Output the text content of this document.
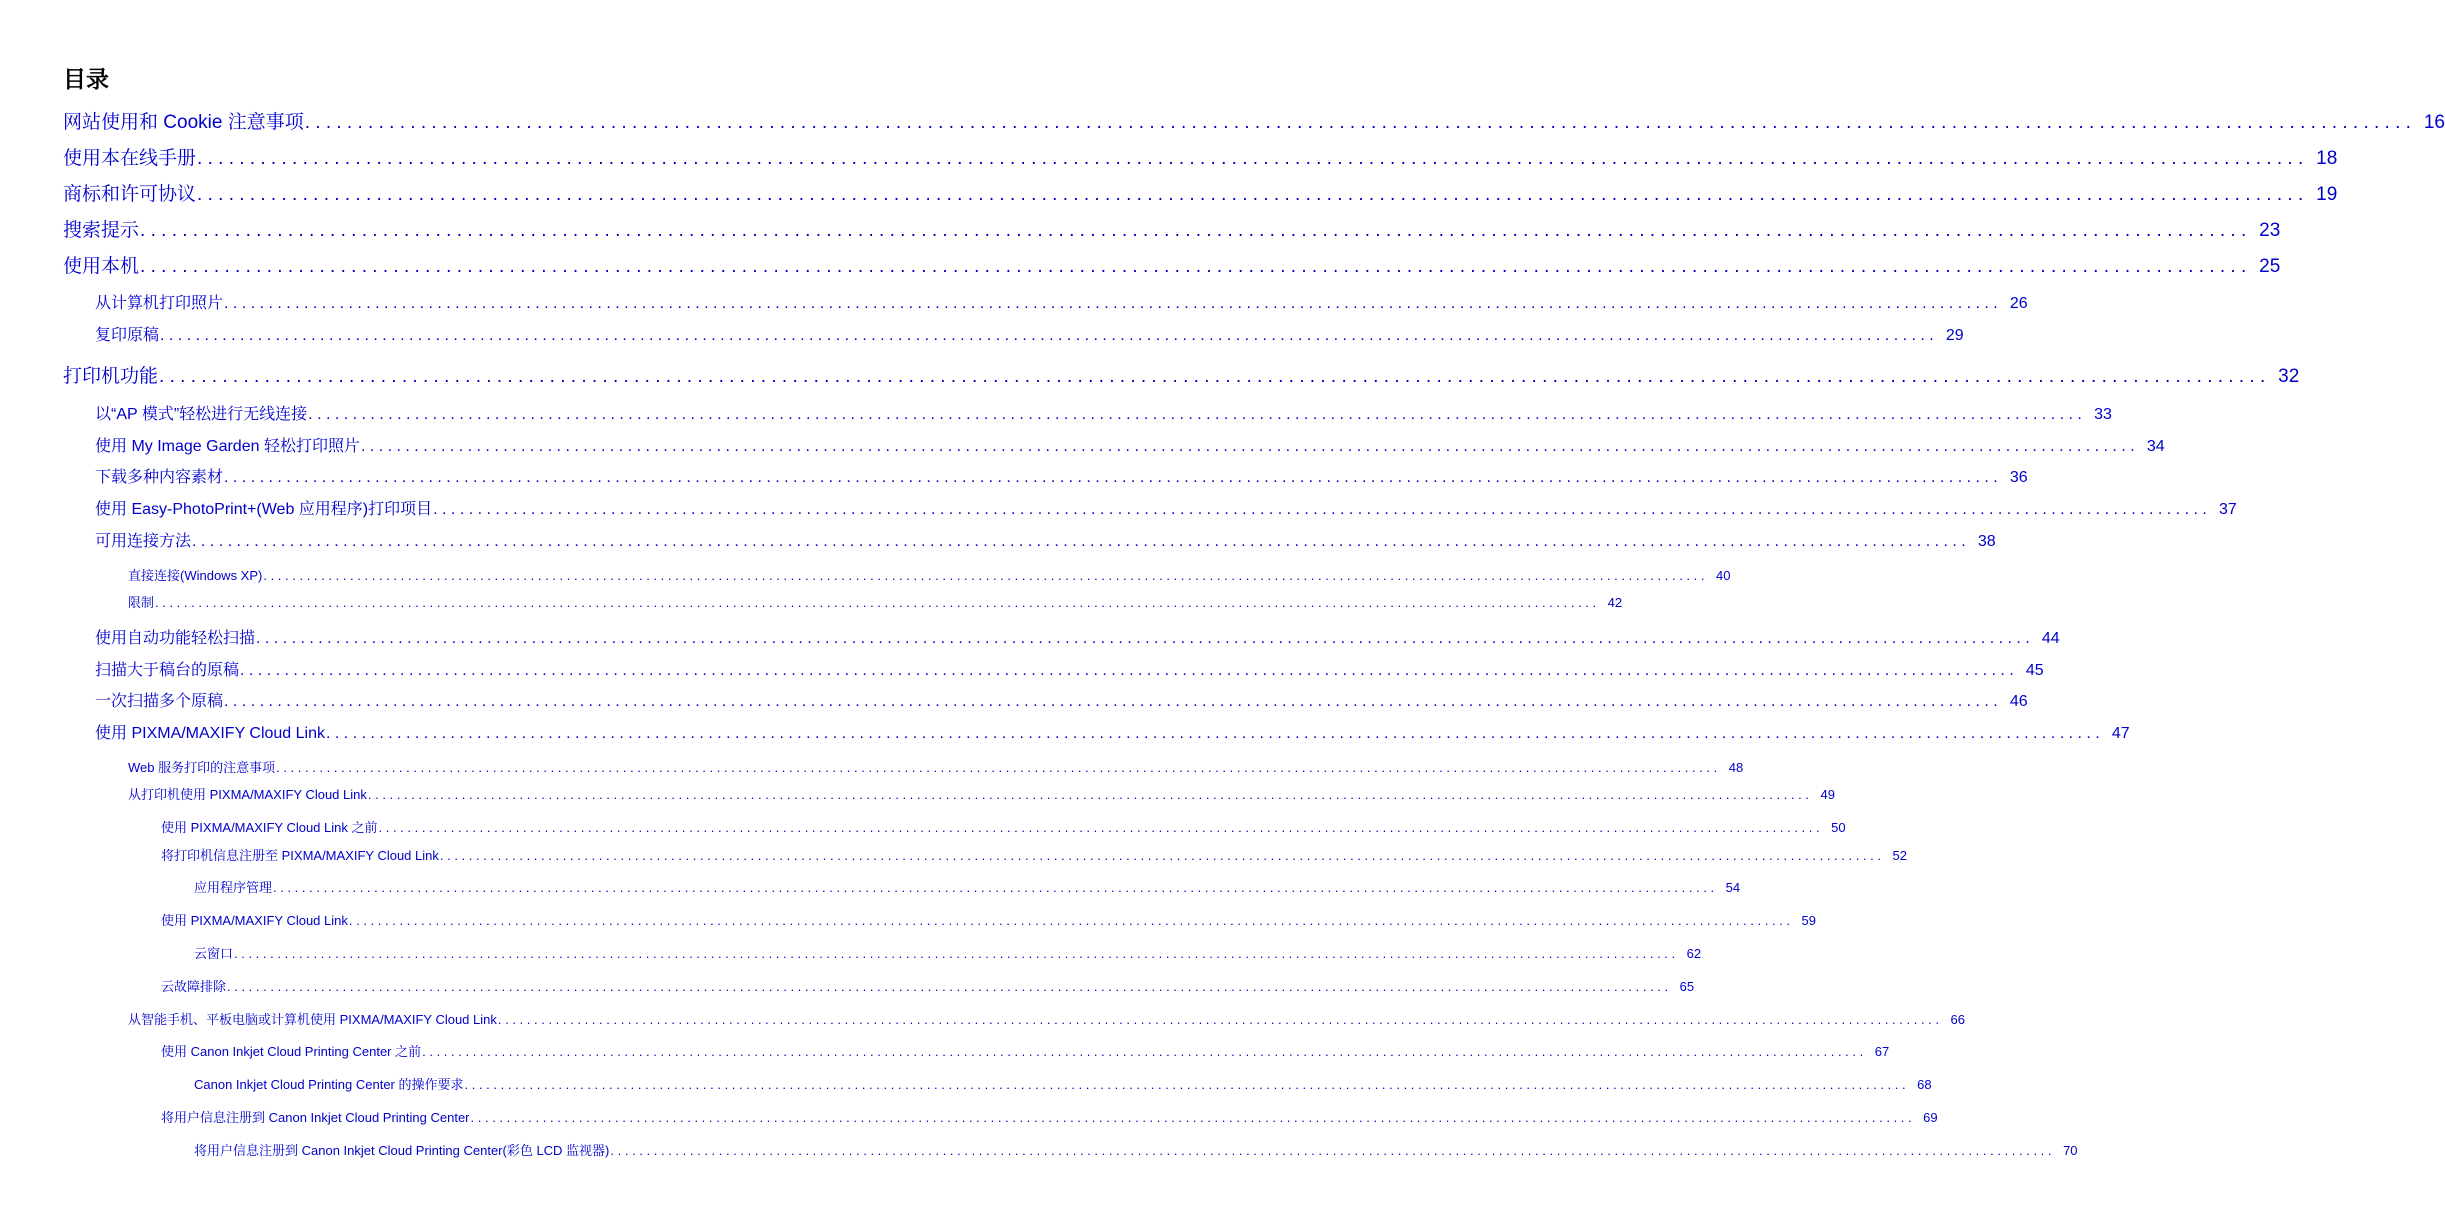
目录
网站使用和 Cookie 注意事项 . . . . . . . . . . . . . . . . . . . . . . . . . . . . . . . . . . . . . . . . . . . . . . . . . . . . . . . . . . . . . . . . . . . . . . . . . . . . . . . . . . . . . . . . . . . . . . . . . . . . . . . . . . . . . . . . . . . . . . . . . . . . . . . . . . . . . . . . . . . . . . . . . . . . . . . . . . . . . . . . . . . . . . . . . . . . . . . . . . . . . . . . . . . . . . . . . . . . . . . . 16
使用本在线手册 . . . . . . . . . . . . . . . . . . . . . . . . . . . . . . . . . . . . . . . . . . . . . . . . . . . . . . . . . . . . . . . . . . . . . . . . . . . . . . . . . . . . . . . . . . . . . . . . . . . . . . . . . . . . . . . . . . . . . . . . . . . . . . . . . . . . . . . . . . . . . . . . . . . . . . . . . . . . . . . . . . . . . . . . . . . . . . . . . . . . . . . . . . . . . . . . . . . . . . . . 18
商标和许可协议 . . . . . . . . . . . . . . . . . . . . . . . . . . . . . . . . . . . . . . . . . . . . . . . . . . . . . . . . . . . . . . . . . . . . . . . . . . . . . . . . . . . . . . . . . . . . . . . . . . . . . . . . . . . . . . . . . . . . . . . . . . . . . . . . . . . . . . . . . . . . . . . . . . . . . . . . . . . . . . . . . . . . . . . . . . . . . . . . . . . . . . . . . . . . . . . . . . . . . . . . 19
搜索提示 . . . . . . . . . . . . . . . . . . . . . . . . . . . . . . . . . . . . . . . . . . . . . . . . . . . . . . . . . . . . . . . . . . . . . . . . . . . . . . . . . . . . . . . . . . . . . . . . . . . . . . . . . . . . . . . . . . . . . . . . . . . . . . . . . . . . . . . . . . . . . . . . . . . . . . . . . . . . . . . . . . . . . . . . . . . . . . . . . . . . . . . . . . . . . . . . . . . . . . . . 23
使用本机 . . . . . . . . . . . . . . . . . . . . . . . . . . . . . . . . . . . . . . . . . . . . . . . . . . . . . . . . . . . . . . . . . . . . . . . . . . . . . . . . . . . . . . . . . . . . . . . . . . . . . . . . . . . . . . . . . . . . . . . . . . . . . . . . . . . . . . . . . . . . . . . . . . . . . . . . . . . . . . . . . . . . . . . . . . . . . . . . . . . . . . . . . . . . . . . . . . . . . . . . 25
从计算机打印照片 . . . . . . . . . . . . . . . . . . . . . . . . . . . . . . . . . . . . . . . . . . . . . . . . . . . . . . . . . . . . . . . . . . . . . . . . . . . . . . . . . . . . . . . . . . . . . . . . . . . . . . . . . . . . . . . . . . . . . . . . . . . . . . . . . . . . . . . . . . . . . . . . . . . . . . . . . . . . . . . . . . . . . . . . . . . . . . . . . . . . . . . . . . . . . . . . . . . . . . . . 26
复印原稿 . . . . . . . . . . . . . . . . . . . . . . . . . . . . . . . . . . . . . . . . . . . . . . . . . . . . . . . . . . . . . . . . . . . . . . . . . . . . . . . . . . . . . . . . . . . . . . . . . . . . . . . . . . . . . . . . . . . . . . . . . . . . . . . . . . . . . . . . . . . . . . . . . . . . . . . . . . . . . . . . . . . . . . . . . . . . . . . . . . . . . . . . . . . . . . . . . . . . . . . . 29
打印机功能 . . . . . . . . . . . . . . . . . . . . . . . . . . . . . . . . . . . . . . . . . . . . . . . . . . . . . . . . . . . . . . . . . . . . . . . . . . . . . . . . . . . . . . . . . . . . . . . . . . . . . . . . . . . . . . . . . . . . . . . . . . . . . . . . . . . . . . . . . . . . . . . . . . . . . . . . . . . . . . . . . . . . . . . . . . . . . . . . . . . . . . . . . . . . . . . . . . . . . . . . 32
以“AP 模式”轻松进行无线连接 . . . . . . . . . . . . . . . . . . . . . . . . . . . . . . . . . . . . . . . . . . . . . . . . . . . . . . . . . . . . . . . . . . . . . . . . . . . . . . . . . . . . . . . . . . . . . . . . . . . . . . . . . . . . . . . . . . . . . . . . . . . . . . . . . . . . . . . . . . . . . . . . . . . . . . . . . . . . . . . . . . . . . . . . . . . . . . . . . . . . . . . . . . . . . . . . . . . . . . . . 33
使用 My Image Garden 轻松打印照片 . . . . . . . . . . . . . . . . . . . . . . . . . . . . . . . . . . . . . . . . . . . . . . . . . . . . . . . . . . . . . . . . . . . . . . . . . . . . . . . . . . . . . . . . . . . . . . . . . . . . . . . . . . . . . . . . . . . . . . . . . . . . . . . . . . . . . . . . . . . . . . . . . . . . . . . . . . . . . . . . . . . . . . . . . . . . . . . . . . . . . . . . . . . . . . . . . . . . . . . . 34
下载多种内容素材 . . . . . . . . . . . . . . . . . . . . . . . . . . . . . . . . . . . . . . . . . . . . . . . . . . . . . . . . . . . . . . . . . . . . . . . . . . . . . . . . . . . . . . . . . . . . . . . . . . . . . . . . . . . . . . . . . . . . . . . . . . . . . . . . . . . . . . . . . . . . . . . . . . . . . . . . . . . . . . . . . . . . . . . . . . . . . . . . . . . . . . . . . . . . . . . . . . . . . . . . 36
使用 Easy-PhotoPrint+(Web 应用程序)打印项目 . . . . . . . . . . . . . . . . . . . . . . . . . . . . . . . . . . . . . . . . . . . . . . . . . . . . . . . . . . . . . . . . . . . . . . . . . . . . . . . . . . . . . . . . . . . . . . . . . . . . . . . . . . . . . . . . . . . . . . . . . . . . . . . . . . . . . . . . . . . . . . . . . . . . . . . . . . . . . . . . . . . . . . . . . . . . . . . . . . . . . . . . . . . . . . . . . . . . . . . . 37
可用连接方法 . . . . . . . . . . . . . . . . . . . . . . . . . . . . . . . . . . . . . . . . . . . . . . . . . . . . . . . . . . . . . . . . . . . . . . . . . . . . . . . . . . . . . . . . . . . . . . . . . . . . . . . . . . . . . . . . . . . . . . . . . . . . . . . . . . . . . . . . . . . . . . . . . . . . . . . . . . . . . . . . . . . . . . . . . . . . . . . . . . . . . . . . . . . . . . . . . . . . . . . . 38
直接连接(Windows XP) . . . . . . . . . . . . . . . . . . . . . . . . . . . . . . . . . . . . . . . . . . . . . . . . . . . . . . . . . . . . . . . . . . . . . . . . . . . . . . . . . . . . . . . . . . . . . . . . . . . . . . . . . . . . . . . . . . . . . . . . . . . . . . . . . . . . . . . . . . . . . . . . . . . . . . . . . . . . . . . . . . . . . . . . . . . . . . . . . . . . . . . . . . . . . . . . . . . . . . . . 40
限制 . . . . . . . . . . . . . . . . . . . . . . . . . . . . . . . . . . . . . . . . . . . . . . . . . . . . . . . . . . . . . . . . . . . . . . . . . . . . . . . . . . . . . . . . . . . . . . . . . . . . . . . . . . . . . . . . . . . . . . . . . . . . . . . . . . . . . . . . . . . . . . . . . . . . . . . . . . . . . . . . . . . . . . . . . . . . . . . . . . . . . . . . . . . . . . . . . . . . . . . . 42
使用自动功能轻松扫描 . . . . . . . . . . . . . . . . . . . . . . . . . . . . . . . . . . . . . . . . . . . . . . . . . . . . . . . . . . . . . . . . . . . . . . . . . . . . . . . . . . . . . . . . . . . . . . . . . . . . . . . . . . . . . . . . . . . . . . . . . . . . . . . . . . . . . . . . . . . . . . . . . . . . . . . . . . . . . . . . . . . . . . . . . . . . . . . . . . . . . . . . . . . . . . . . . . . . . . . . 44
扫描大于稿台的原稿 . . . . . . . . . . . . . . . . . . . . . . . . . . . . . . . . . . . . . . . . . . . . . . . . . . . . . . . . . . . . . . . . . . . . . . . . . . . . . . . . . . . . . . . . . . . . . . . . . . . . . . . . . . . . . . . . . . . . . . . . . . . . . . . . . . . . . . . . . . . . . . . . . . . . . . . . . . . . . . . . . . . . . . . . . . . . . . . . . . . . . . . . . . . . . . . . . . . . . . . . 45
一次扫描多个原稿 . . . . . . . . . . . . . . . . . . . . . . . . . . . . . . . . . . . . . . . . . . . . . . . . . . . . . . . . . . . . . . . . . . . . . . . . . . . . . . . . . . . . . . . . . . . . . . . . . . . . . . . . . . . . . . . . . . . . . . . . . . . . . . . . . . . . . . . . . . . . . . . . . . . . . . . . . . . . . . . . . . . . . . . . . . . . . . . . . . . . . . . . . . . . . . . . . . . . . . . . 46
使用 PIXMA/MAXIFY Cloud Link . . . . . . . . . . . . . . . . . . . . . . . . . . . . . . . . . . . . . . . . . . . . . . . . . . . . . . . . . . . . . . . . . . . . . . . . . . . . . . . . . . . . . . . . . . . . . . . . . . . . . . . . . . . . . . . . . . . . . . . . . . . . . . . . . . . . . . . . . . . . . . . . . . . . . . . . . . . . . . . . . . . . . . . . . . . . . . . . . . . . . . . . . . . . . . . . . . . . . . . . 47
Web 服务打印的注意事项 . . . . . . . . . . . . . . . . . . . . . . . . . . . . . . . . . . . . . . . . . . . . . . . . . . . . . . . . . . . . . . . . . . . . . . . . . . . . . . . . . . . . . . . . . . . . . . . . . . . . . . . . . . . . . . . . . . . . . . . . . . . . . . . . . . . . . . . . . . . . . . . . . . . . . . . . . . . . . . . . . . . . . . . . . . . . . . . . . . . . . . . . . . . . . . . . . . . . . . . . 48
从打印机使用 PIXMA/MAXIFY Cloud Link . . . . . . . . . . . . . . . . . . . . . . . . . . . . . . . . . . . . . . . . . . . . . . . . . . . . . . . . . . . . . . . . . . . . . . . . . . . . . . . . . . . . . . . . . . . . . . . . . . . . . . . . . . . . . . . . . . . . . . . . . . . . . . . . . . . . . . . . . . . . . . . . . . . . . . . . . . . . . . . . . . . . . . . . . . . . . . . . . . . . . . . . . . . . . . . . . . . . . . . . 49
使用 PIXMA/MAXIFY Cloud Link 之前 . . . . . . . . . . . . . . . . . . . . . . . . . . . . . . . . . . . . . . . . . . . . . . . . . . . . . . . . . . . . . . . . . . . . . . . . . . . . . . . . . . . . . . . . . . . . . . . . . . . . . . . . . . . . . . . . . . . . . . . . . . . . . . . . . . . . . . . . . . . . . . . . . . . . . . . . . . . . . . . . . . . . . . . . . . . . . . . . . . . . . . . . . . . . . . . . . . . . . . . . 50
将打印机信息注册至 PIXMA/MAXIFY Cloud Link . . . . . . . . . . . . . . . . . . . . . . . . . . . . . . . . . . . . . . . . . . . . . . . . . . . . . . . . . . . . . . . . . . . . . . . . . . . . . . . . . . . . . . . . . . . . . . . . . . . . . . . . . . . . . . . . . . . . . . . . . . . . . . . . . . . . . . . . . . . . . . . . . . . . . . . . . . . . . . . . . . . . . . . . . . . . . . . . . . . . . . . . . . . . . . . . . . . . . . . . 52
应用程序管理 . . . . . . . . . . . . . . . . . . . . . . . . . . . . . . . . . . . . . . . . . . . . . . . . . . . . . . . . . . . . . . . . . . . . . . . . . . . . . . . . . . . . . . . . . . . . . . . . . . . . . . . . . . . . . . . . . . . . . . . . . . . . . . . . . . . . . . . . . . . . . . . . . . . . . . . . . . . . . . . . . . . . . . . . . . . . . . . . . . . . . . . . . . . . . . . . . . . . . . . . 54
使用 PIXMA/MAXIFY Cloud Link . . . . . . . . . . . . . . . . . . . . . . . . . . . . . . . . . . . . . . . . . . . . . . . . . . . . . . . . . . . . . . . . . . . . . . . . . . . . . . . . . . . . . . . . . . . . . . . . . . . . . . . . . . . . . . . . . . . . . . . . . . . . . . . . . . . . . . . . . . . . . . . . . . . . . . . . . . . . . . . . . . . . . . . . . . . . . . . . . . . . . . . . . . . . . . . . . . . . . . . . 59
云窗口 . . . . . . . . . . . . . . . . . . . . . . . . . . . . . . . . . . . . . . . . . . . . . . . . . . . . . . . . . . . . . . . . . . . . . . . . . . . . . . . . . . . . . . . . . . . . . . . . . . . . . . . . . . . . . . . . . . . . . . . . . . . . . . . . . . . . . . . . . . . . . . . . . . . . . . . . . . . . . . . . . . . . . . . . . . . . . . . . . . . . . . . . . . . . . . . . . . . . . . . . 62
云故障排除 . . . . . . . . . . . . . . . . . . . . . . . . . . . . . . . . . . . . . . . . . . . . . . . . . . . . . . . . . . . . . . . . . . . . . . . . . . . . . . . . . . . . . . . . . . . . . . . . . . . . . . . . . . . . . . . . . . . . . . . . . . . . . . . . . . . . . . . . . . . . . . . . . . . . . . . . . . . . . . . . . . . . . . . . . . . . . . . . . . . . . . . . . . . . . . . . . . . . . . . . 65
从智能手机、平板电脑或计算机使用 PIXMA/MAXIFY Cloud Link . . . . . . . . . . . . . . . . . . . . . . . . . . . . . . . . . . . . . . . . . . . . . . . . . . . . . . . . . . . . . . . . . . . . . . . . . . . . . . . . . . . . . . . . . . . . . . . . . . . . . . . . . . . . . . . . . . . . . . . . . . . . . . . . . . . . . . . . . . . . . . . . . . . . . . . . . . . . . . . . . . . . . . . . . . . . . . . . . . . . . . . . . . . . . . . . . . . . . . . . 66
使用 Canon Inkjet Cloud Printing Center 之前 . . . . . . . . . . . . . . . . . . . . . . . . . . . . . . . . . . . . . . . . . . . . . . . . . . . . . . . . . . . . . . . . . . . . . . . . . . . . . . . . . . . . . . . . . . . . . . . . . . . . . . . . . . . . . . . . . . . . . . . . . . . . . . . . . . . . . . . . . . . . . . . . . . . . . . . . . . . . . . . . . . . . . . . . . . . . . . . . . . . . . . . . . . . . . . . . . . . . . . . . 67
Canon Inkjet Cloud Printing Center 的操作要求 . . . . . . . . . . . . . . . . . . . . . . . . . . . . . . . . . . . . . . . . . . . . . . . . . . . . . . . . . . . . . . . . . . . . . . . . . . . . . . . . . . . . . . . . . . . . . . . . . . . . . . . . . . . . . . . . . . . . . . . . . . . . . . . . . . . . . . . . . . . . . . . . . . . . . . . . . . . . . . . . . . . . . . . . . . . . . . . . . . . . . . . . . . . . . . . . . . . . . . . . 68
将用户信息注册到 Canon Inkjet Cloud Printing Center . . . . . . . . . . . . . . . . . . . . . . . . . . . . . . . . . . . . . . . . . . . . . . . . . . . . . . . . . . . . . . . . . . . . . . . . . . . . . . . . . . . . . . . . . . . . . . . . . . . . . . . . . . . . . . . . . . . . . . . . . . . . . . . . . . . . . . . . . . . . . . . . . . . . . . . . . . . . . . . . . . . . . . . . . . . . . . . . . . . . . . . . . . . . . . . . . . . . . . . . 69
将用户信息注册到 Canon Inkjet Cloud Printing Center(彩色 LCD 监视器) . . . . . . . . . . . . . . . . . . . . . . . . . . . . . . . . . . . . . . . . . . . . . . . . . . . . . . . . . . . . . . . . . . . . . . . . . . . . . . . . . . . . . . . . . . . . . . . . . . . . . . . . . . . . . . . . . . . . . . . . . . . . . . . . . . . . . . . . . . . . . . . . . . . . . . . . . . . . . . . . . . . . . . . . . . . . . . . . . . . . . . . . . . . . . . . . . . . . . . . . 70
